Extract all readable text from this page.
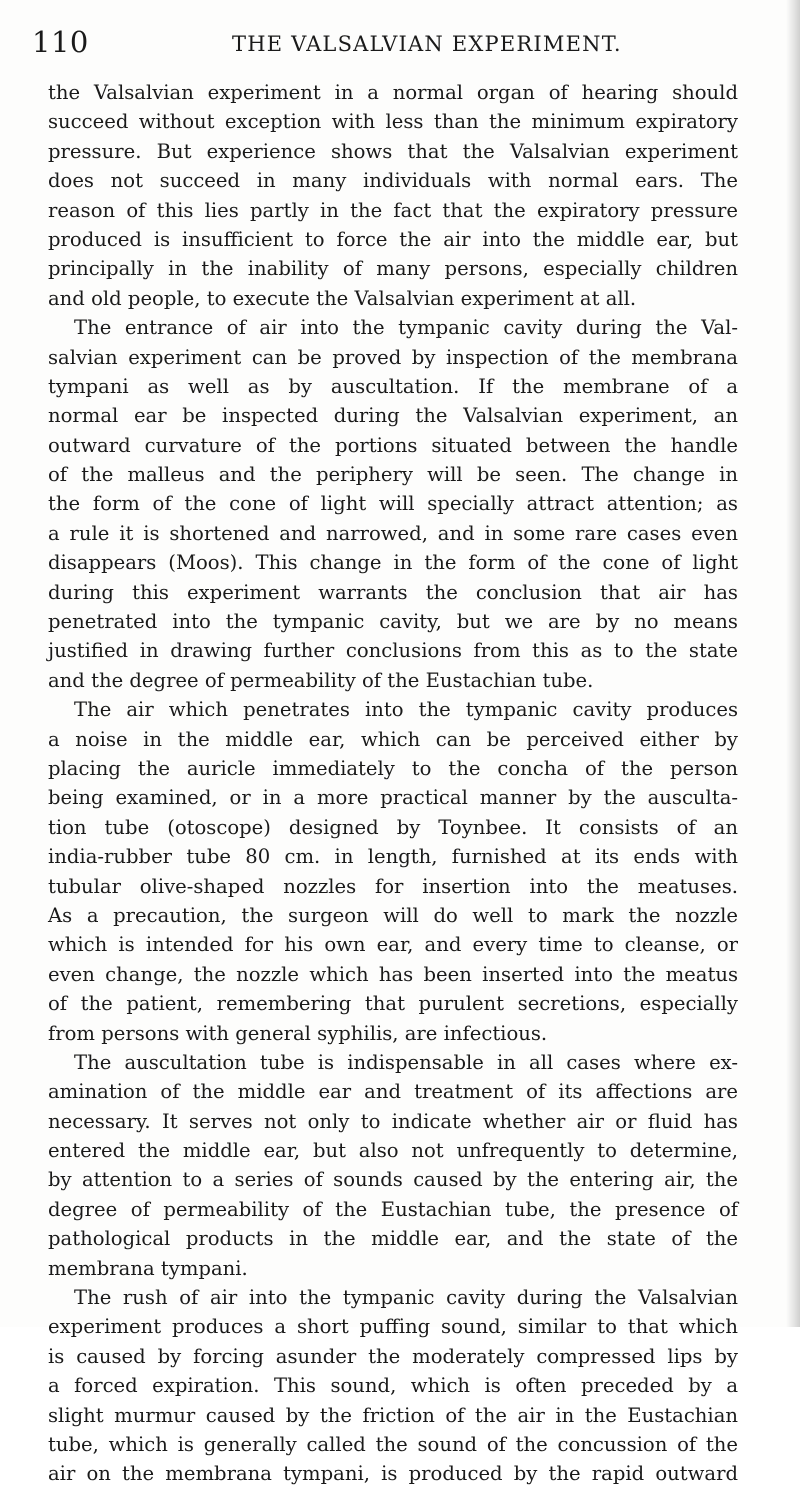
110	THE VALSALVIAN EXPERIMENT.
the Valsalvian experiment in a normal organ of hearing should
succeed without exception with less than the minimum expiratory
pressure. But experience shows that the Valsalvian experiment
does not succeed in many individuals with normal ears. The
reason of this lies partly in the fact that the expiratory pressure
produced is insufficient to force the air into the middle ear, but
principally in the inability of many persons, especially children
and old people, to execute the Valsalvian experiment at all.
The entrance of air into the tympanic cavity during the Val-
salvian experiment can be proved by inspection of the membrana
tympani as well as by auscultation. If the membrane of a
normal ear be inspected during the Valsalvian experiment, an
outward curvature of the portions situated between the handle
of the malleus and the periphery will be seen. The change in
the form of the cone of light will specially attract attention; as
a rule it is shortened and narrowed, and in some rare cases even
disappears (Moos). This change in the form of the cone of light
during this experiment warrants the conclusion that air has
penetrated into the tympanic cavity, but we are by no means
justified in drawing further conclusions from this as to the state
and the degree of permeability of the Eustachian tube.
The air which penetrates into the tympanic cavity produces
a noise in the middle ear, which can be perceived either by
placing the auricle immediately to the concha of the person
being examined, or in a more practical manner by the ausculta-
tion tube (otoscope) designed by Toynbee. It consists of an
india-rubber tube 80 cm. in length, furnished at its ends with
tubular olive-shaped nozzles for insertion into the meatuses.
As a precaution, the surgeon will do well to mark the nozzle
which is intended for his own ear, and every time to cleanse, or
even change, the nozzle which has been inserted into the meatus
of the patient, remembering that purulent secretions, especially
from persons with general syphilis, are infectious.
The auscultation tube is indispensable in all cases where ex-
amination of the middle ear and treatment of its affections are
necessary. It serves not only to indicate whether air or fluid has
entered the middle ear, but also not unfrequently to determine,
by attention to a series of sounds caused by the entering air, the
degree of permeability of the Eustachian tube, the presence of
pathological products in the middle ear, and the state of the
membrana tympani.
The rush of air into the tympanic cavity during the Valsalvian
experiment produces a short puffing sound, similar to that which
is caused by forcing asunder the moderately compressed lips by
a forced expiration. This sound, which is often preceded by a
slight murmur caused by the friction of the air in the Eustachian
tube, which is generally called the sound of the concussion of the
air on the membrana tympani, is produced by the rapid outward
